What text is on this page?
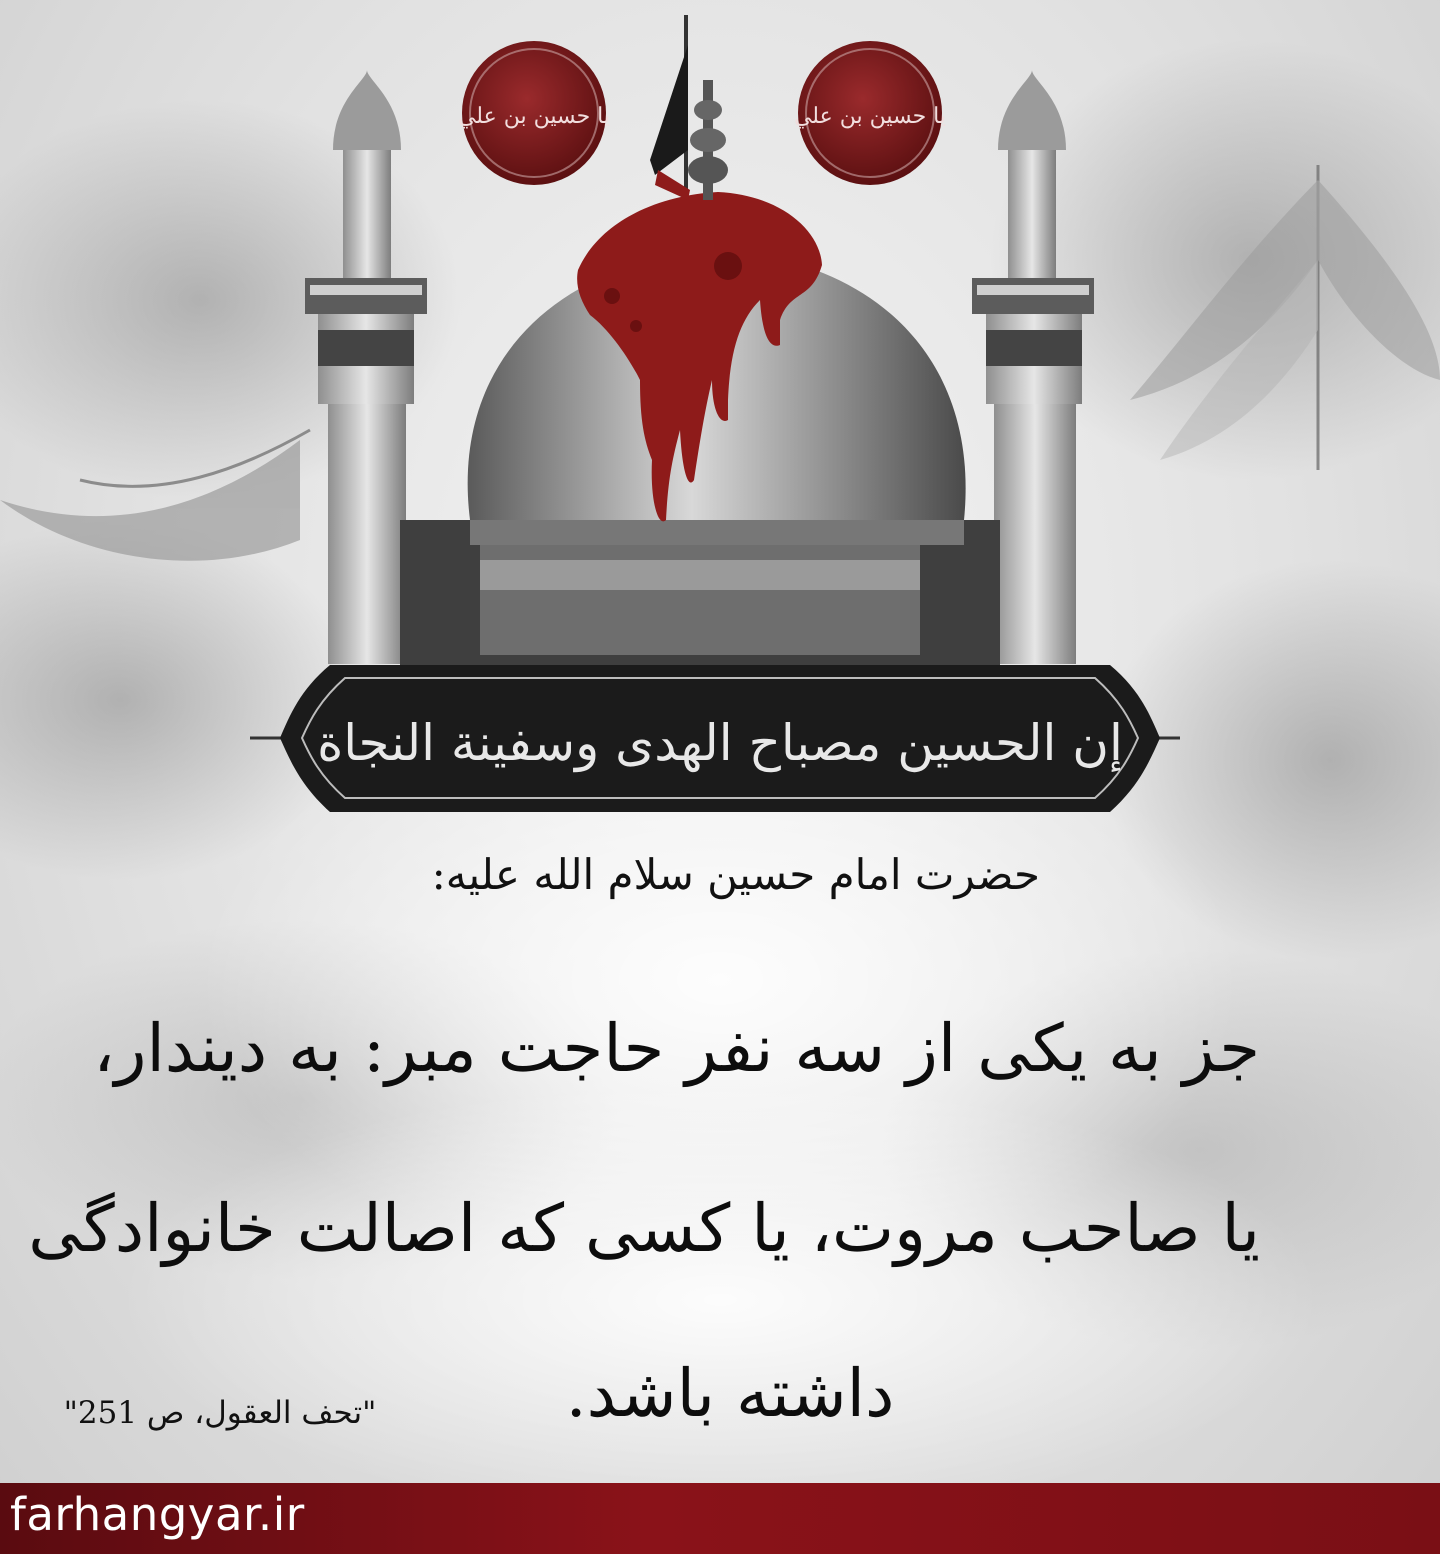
يا حسين بن علي	يا حسين بن علي
إن الحسين مصباح الهدى وسفينة النجاة
حضرت امام حسین سلام الله علیه:
جز به یکی از سه نفر حاجت مبر: به دیندار،
یا صاحب مروت، یا کسی که اصالت خانوادگی
داشته باشد.
"تحف العقول، ص 251"
farhangyar.ir
